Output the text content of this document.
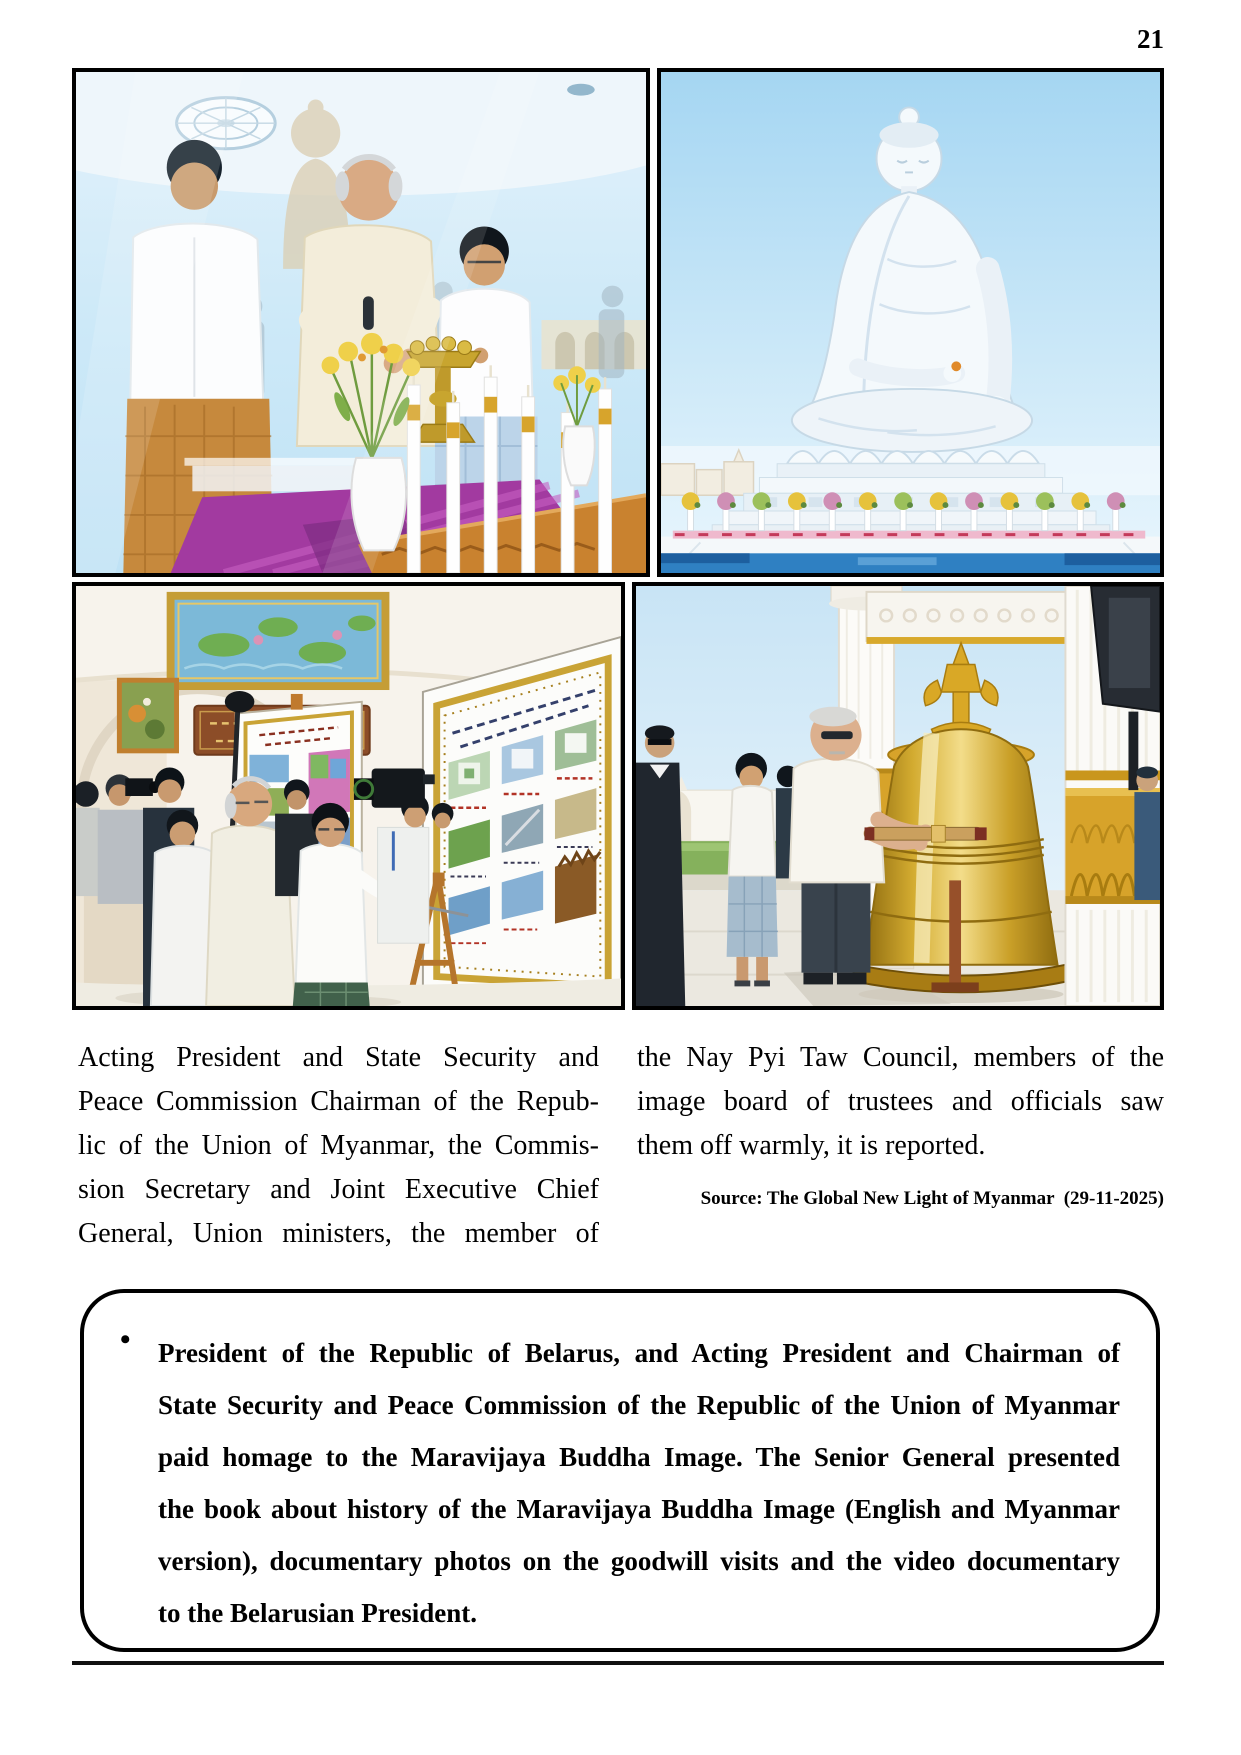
21
Acting President and State Security and
Peace Commission Chairman of the Repub-
lic of the Union of Myanmar, the Commis-
sion Secretary and Joint Executive Chief
General, Union ministers, the member of
the Nay Pyi Taw Council, members of the
image board of trustees and officials saw
them off warmly, it is reported.
Source: The Global New Light of Myanmar  (29-11-2025)
• President of the Republic of Belarus, and Acting President and Chairman of
State Security and Peace Commission of the Republic of the Union of Myanmar
paid homage to the Maravijaya Buddha Image. The Senior General presented
the book about history of the Maravijaya Buddha Image (English and Myanmar
version), documentary photos on the goodwill visits and the video documentary
to the Belarusian President.
